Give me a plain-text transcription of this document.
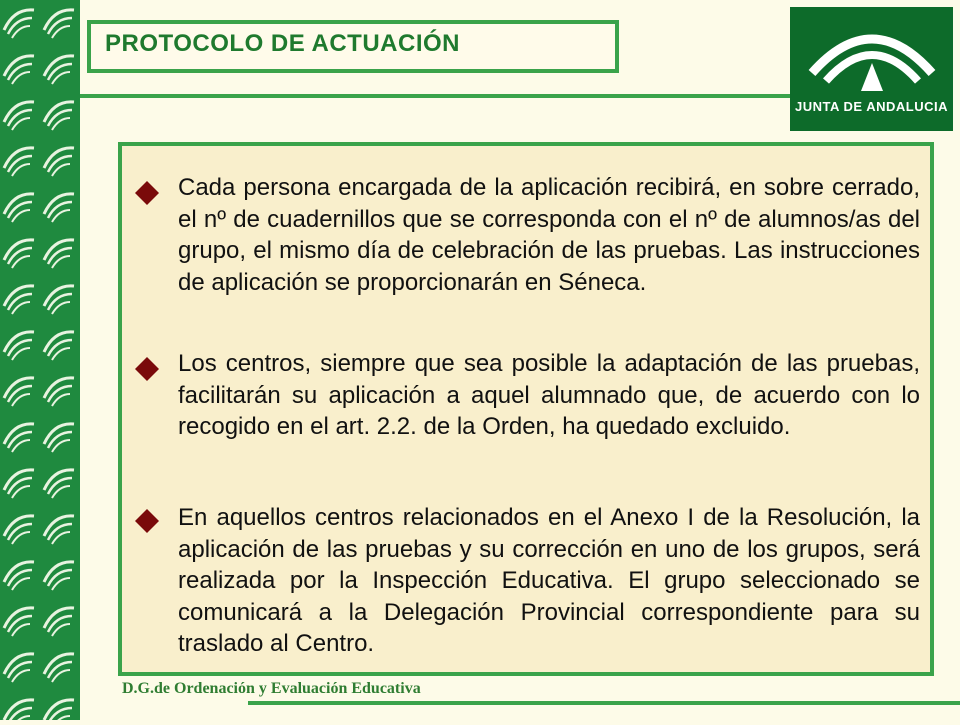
PROTOCOLO DE ACTUACIÓN
JUNTA DE ANDALUCIA
Cada persona encargada de la aplicación recibirá, en sobre cerrado, el nº de cuadernillos que se corresponda con el nº de alumnos/as del grupo, el mismo día de celebración de las pruebas. Las instrucciones de aplicación se proporcionarán en Séneca.
Los centros, siempre que sea posible la adaptación de las pruebas, facilitarán su aplicación a aquel alumnado que, de acuerdo con lo recogido en el art. 2.2. de la Orden, ha quedado excluido.
En aquellos centros relacionados en el Anexo I de la Resolución, la aplicación de las pruebas y su corrección en uno de los grupos, será realizada por la Inspección Educativa. El grupo seleccionado se comunicará a la Delegación Provincial correspondiente para su traslado al Centro.
D.G.de Ordenación y Evaluación Educativa
